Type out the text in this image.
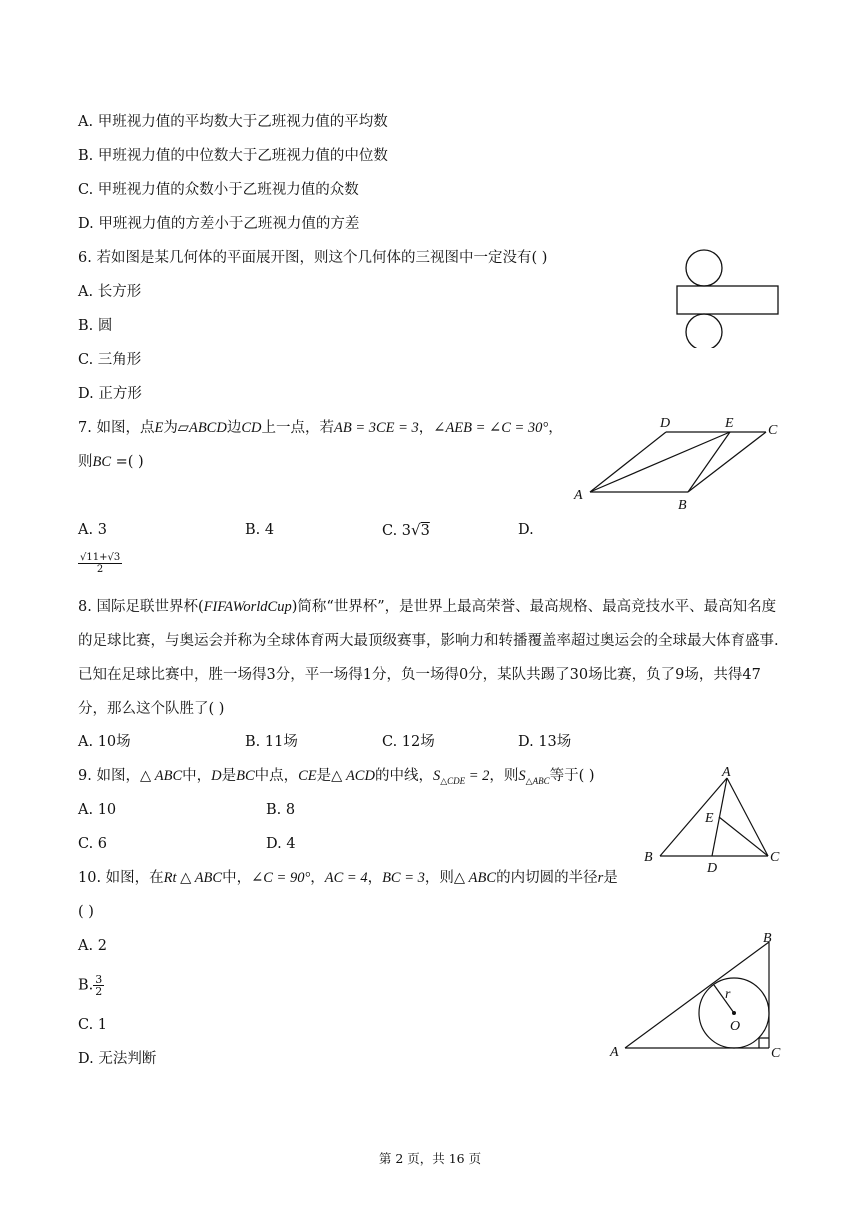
A. 甲班视力值的平均数大于乙班视力值的平均数
B. 甲班视力值的中位数大于乙班视力值的中位数
C. 甲班视力值的众数小于乙班视力值的众数
D. 甲班视力值的方差小于乙班视力值的方差
6. 若如图是某几何体的平面展开图，则这个几何体的三视图中一定没有( )
A. 长方形
B. 圆
C. 三角形
D. 正方形
7. 如图，点E为▱ABCD边CD上一点，若AB = 3CE = 3，∠AEB = ∠C = 30°，
则BC =( )
A
B
C
D	E
A. 3	B. 4	C. 3√3	D.
$\frac{√11+√3}{2}$
8. 国际足联世界杯(FIFAWorldCup)简称“世界杯”，是世界上最高荣誉、最高规格、最高竞技水平、最高知名度的足球比赛，与奥运会并称为全球体育两大最顶级赛事，影响力和转播覆盖率超过奥运会的全球最大体育盛事.已知在足球比赛中，胜一场得3分，平一场得1分，负一场得0分，某队共踢了30场比赛，负了9场，共得47分，那么这个队胜了( )
A. 10场	B. 11场	C. 12场	D. 13场
9. 如图，△ ABC中，D是BC中点，CE是△ ACD的中线，$S_{\triangle CDE} = 2$，则$S_{\triangle ABC}$等于( )
A. 10	B. 8
C. 6	D. 4
A
B	C
D
E
10. 如图，在Rt △ ABC中，∠C = 90°，AC = 4，BC = 3，则△ ABC的内切圆的半径r是
( )
A. 2
B. $\frac{3}{2}$
C. 1
D. 无法判断	A
B
C
O
r
第 2 页，共 16 页
